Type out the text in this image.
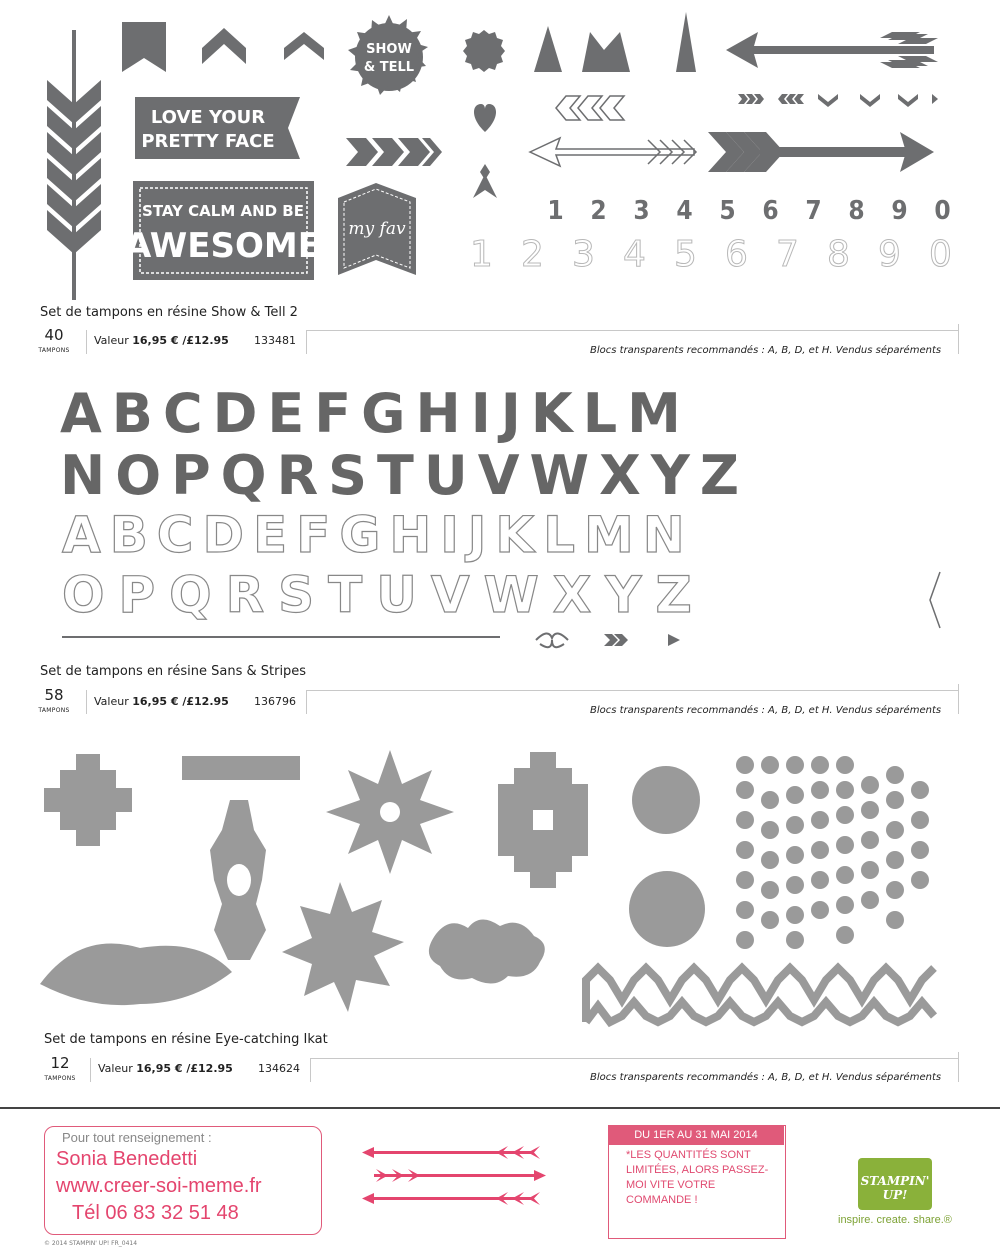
LOVE YOUR
PRETTY FACE
STAY CALM AND BE
AWESOME my fav
SHOW
& TELL
1 2 3 4 5 6 7 8 9 0
1 2 3 4 5 6 7 8 9 0
Set de tampons en résine Show & Tell 2
40
TAMPONS
Valeur 16,95 € /£12.95 133481
Blocs transparents recommandés : A, B, D, et H. Vendus séparéments
ABCDEFGHIJKLM
NOPQRSTUVWXYZ
ABCDEFGHIJKLMN
OPQRSTUVWXYZ
Set de tampons en résine Sans & Stripes
58
TAMPONS
Valeur 16,95 € /£12.95 136796
Blocs transparents recommandés : A, B, D, et H. Vendus séparéments
Set de tampons en résine Eye-catching Ikat
12
TAMPONS
Valeur 16,95 € /£12.95 134624
Blocs transparents recommandés : A, B, D, et H. Vendus séparéments
Pour tout renseignement :
Sonia Benedetti
www.creer-soi-meme.fr
Tél 06 83 32 51 48
© 2014 STAMPIN' UP! FR_0414
DU 1ER AU 31 MAI 2014
*LES QUANTITÉS SONT LIMITÉES, ALORS PASSEZ-MOI VITE VOTRE COMMANDE !
STAMPIN' UP!
inspire. create. share.®
